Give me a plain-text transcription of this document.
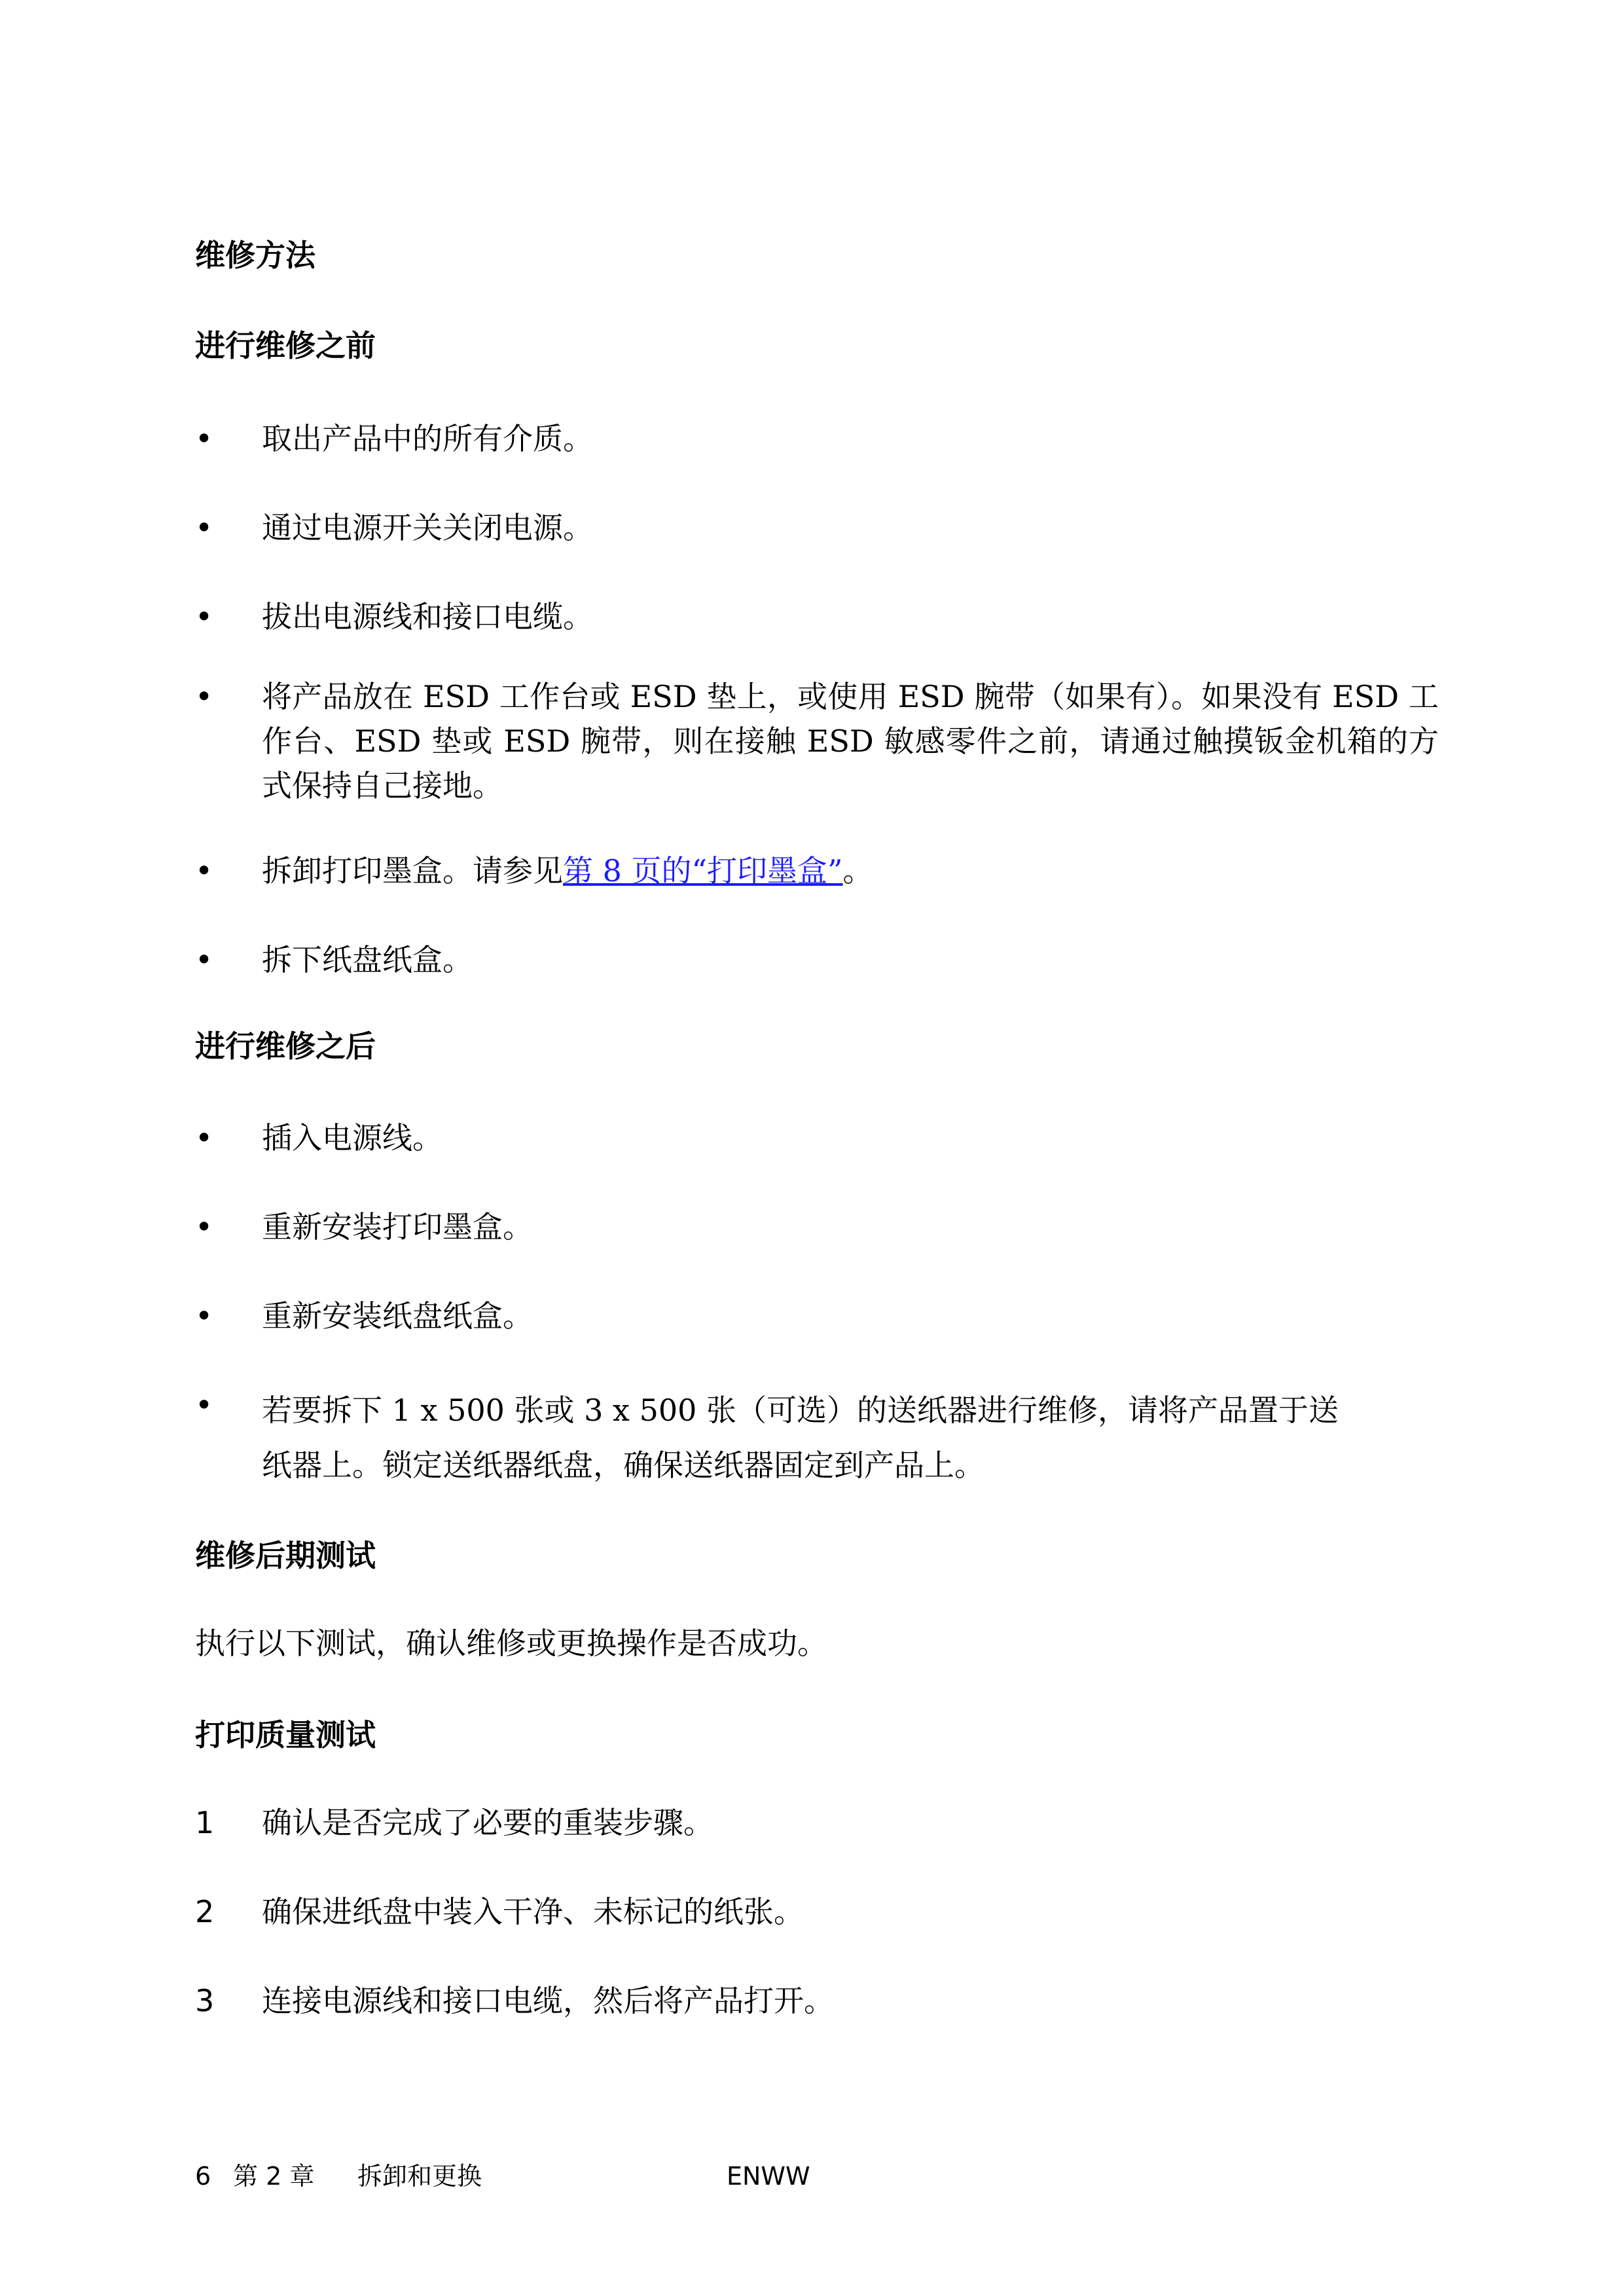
维修方法
进行维修之前
• 取出产品中的所有介质。
• 通过电源开关关闭电源。
• 拔出电源线和接口电缆。
• 将产品放在 ESD 工作台或 ESD 垫上，或使用 ESD 腕带（如果有）。如果没有 ESD 工作台、ESD 垫或 ESD 腕带，则在接触 ESD 敏感零件之前，请通过触摸钣金机箱的方式保持自己接地。
• 拆卸打印墨盒。请参见第 8 页的“打印墨盒”。
• 拆下纸盘纸盒。
进行维修之后
• 插入电源线。
• 重新安装打印墨盒。
• 重新安装纸盘纸盒。
• 若要拆下 1 x 500 张或 3 x 500 张（可选）的送纸器进行维修，请将产品置于送
纸器上。锁定送纸器纸盘，确保送纸器固定到产品上。
维修后期测试
执行以下测试，确认维修或更换操作是否成功。
打印质量测试
1	确认是否完成了必要的重装步骤。
2	确保进纸盘中装入干净、未标记的纸张。
3	连接电源线和接口电缆，然后将产品打开。
6 第 2 章 拆卸和更换	ENWW
